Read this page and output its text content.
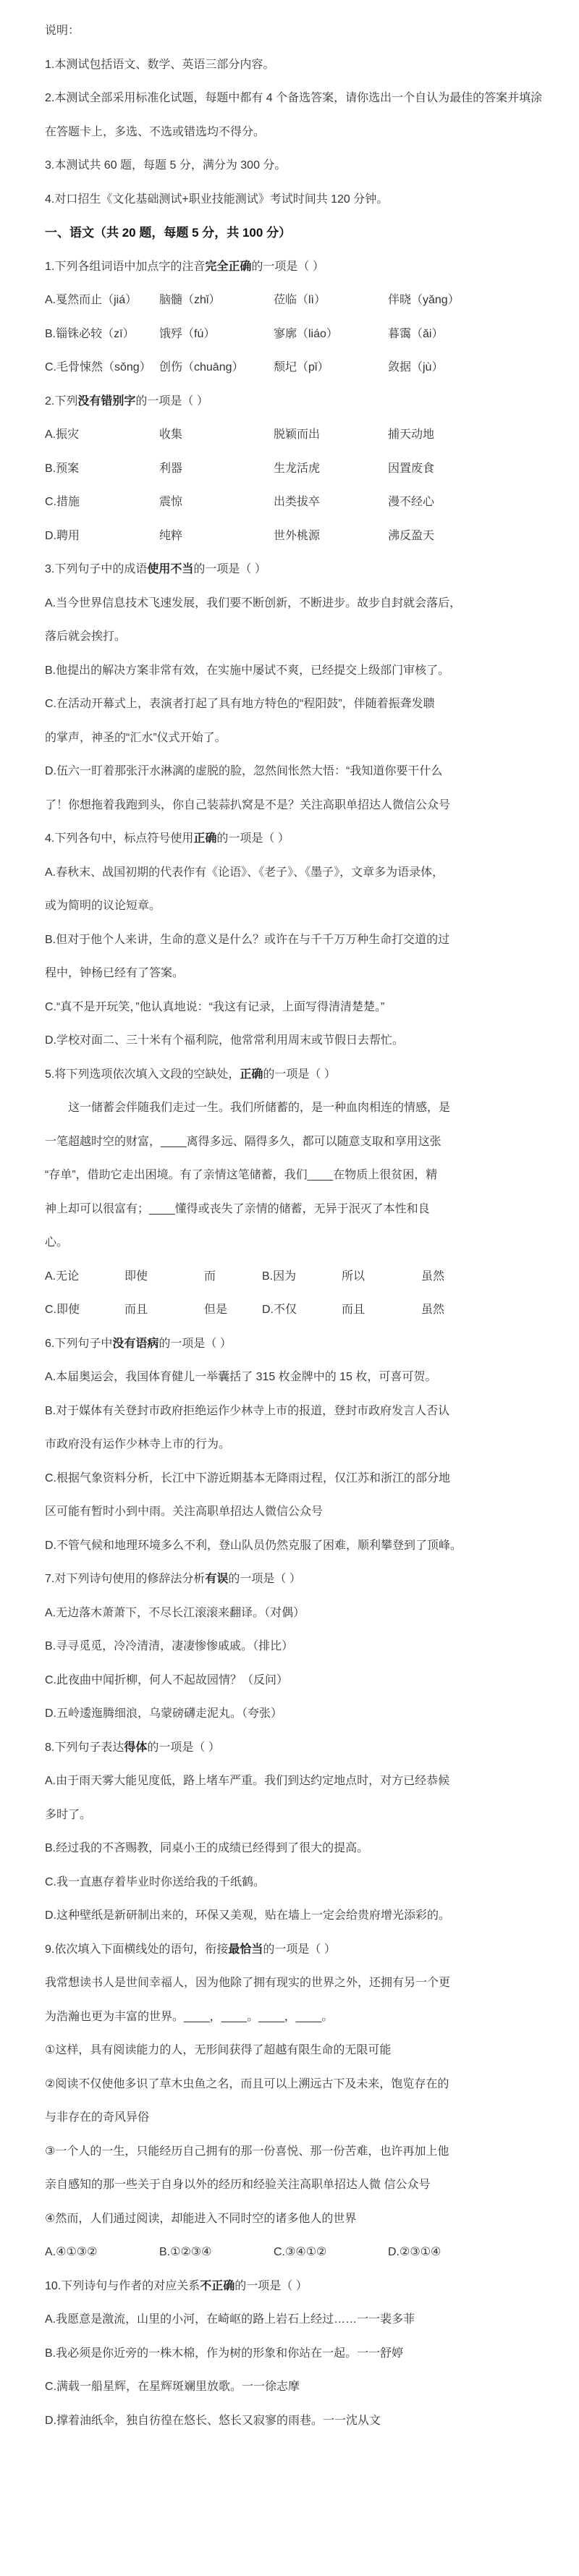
说明：
1.本测试包括语文、数学、英语三部分内容。
2.本测试全部采用标准化试题，每题中都有 4 个备选答案，请你选出一个自认为最佳的答案并填涂在答题卡上，多选、不选或错选均不得分。
3.本测试共 60 题，每题 5 分，满分为 300 分。
4.对口招生《文化基础测试+职业技能测试》考试时间共 120 分钟。
一、语文（共 20 题，每题 5 分，共 100 分）
1.下列各组词语中加点字的注音完全正确的一项是（ ）
A.戛然而止（jiá）	脑髓（zhǐ）	莅临（lì）	伴晓（yǎng）
B.锱铢必较（zī）	饿殍（fú）	寥廓（liáo）	暮霭（ǎi）
C.毛骨悚然（sǒng） 创伤（chuāng）	颓圮（pǐ）	敛据（jù）
2.下列没有错别字的一项是（ ）
A.振灾	收集	脱颖而出	捕天动地
B.预案	利器	生龙活虎	因置废食
C.措施	震惊	出类拔卒	漫不经心
D.聘用	纯粹	世外桃源	沸反盈天
3.下列句子中的成语使用不当的一项是（ ）
A.当今世界信息技术飞速发展，我们要不断创新，不断进步。故步自封就会落后，
落后就会挨打。
B.他提出的解决方案非常有效，在实施中屡试不爽，已经提交上级部门审核了。
C.在活动开幕式上，表演者打起了具有地方特色的“程阳鼓”，伴随着振聋发聩
的掌声，神圣的“汇水”仪式开始了。
D.伍六一盯着那张汗水淋漓的虚脱的脸，忽然间怅然大悟：“我知道你要干什么
了！你想拖着我跑到头，你自己装蒜扒窝是不是？关注高职单招达人微信公众号
4.下列各句中，标点符号使用正确的一项是（ ）
A.春秋末、战国初期的代表作有《论语》、《老子》、《墨子》，文章多为语录体，
或为简明的议论短章。
B.但对于他个人来讲，生命的意义是什么？或许在与千千万万种生命打交道的过
程中，钟杨已经有了答案。
C.“真不是开玩笑，”他认真地说：“我这有记录，上面写得清清楚楚。”
D.学校对面二、三十米有个福利院，他常常利用周末或节假日去帮忙。
5.将下列选项依次填入文段的空缺处，正确的一项是（ ）
这一储蓄会伴随我们走过一生。我们所储蓄的，是一种血肉相连的情感，是
一笔超越时空的财富，____离得多远、隔得多久，都可以随意支取和享用这张
“存单”，借助它走出困境。有了亲情这笔储蓄，我们____在物质上很贫困，精
神上却可以很富有；____懂得或丧失了亲情的储蓄，无异于泯灭了本性和良
心。
A.无论	即使	而	B.因为	所以	虽然
C.即使	而且	但是	D.不仅	而且	虽然
6.下列句子中没有语病的一项是（ ）
A.本届奥运会，我国体育健儿一举囊括了 315 枚金牌中的 15 枚，可喜可贺。
B.对于媒体有关登封市政府拒绝运作少林寺上市的报道，登封市政府发言人否认
市政府没有运作少林寺上市的行为。
C.根据气象资料分析，长江中下游近期基本无降雨过程，仅江苏和浙江的部分地
区可能有暂时小到中雨。关注高职单招达人微信公众号
D.不管气候和地理环境多么不利，登山队员仍然克服了困难，顺利攀登到了顶峰。
7.对下列诗句使用的修辞法分析有误的一项是（ ）
A.无边落木萧萧下，不尽长江滚滚来翻译。（对偶）
B.寻寻觅觅，冷冷清清，凄凄惨惨戚戚。（排比）
C.此夜曲中闻折柳，何人不起故园情？（反问）
D.五岭逶迤腾细浪，乌蒙磅礴走泥丸。（夸张）
8.下列句子表达得体的一项是（ ）
A.由于雨天雾大能见度低，路上堵车严重。我们到达约定地点时，对方已经恭候
多时了。
B.经过我的不吝赐教，同桌小王的成绩已经得到了很大的提高。
C.我一直惠存着毕业时你送给我的千纸鹤。
D.这种壁纸是新研制出来的，环保又美观，贴在墙上一定会给贵府增光添彩的。
9.依次填入下面横线处的语句，衔接最恰当的一项是（ ）
我常想读书人是世间幸福人，因为他除了拥有现实的世界之外，还拥有另一个更
为浩瀚也更为丰富的世界。____，____。____，____。
①这样，具有阅读能力的人，无形间获得了超越有限生命的无限可能
②阅读不仅使他多识了草木虫鱼之名，而且可以上溯远古下及未来，饱览存在的
与非存在的奇风异俗
③一个人的一生，只能经历自己拥有的那一份喜悦、那一份苦难，也许再加上他
亲自感知的那一些关于自身以外的经历和经验关注高职单招达人微 信公众号
④然而，人们通过阅读，却能进入不同时空的诸多他人的世界
A.④①③②	B.①②③④	C.③④①②	D.②③①④
10.下列诗句与作者的对应关系不正确的一项是（ ）
A.我愿意是激流，山里的小河，在崎岖的路上岩石上经过……一一裴多菲
B.我必须是你近旁的一株木棉，作为树的形象和你站在一起。一一舒婷
C.满载一船星辉，在星辉斑斓里放歌。一一徐志摩
D.撑着油纸伞，独自彷徨在悠长、悠长又寂寥的雨巷。一一沈从文
